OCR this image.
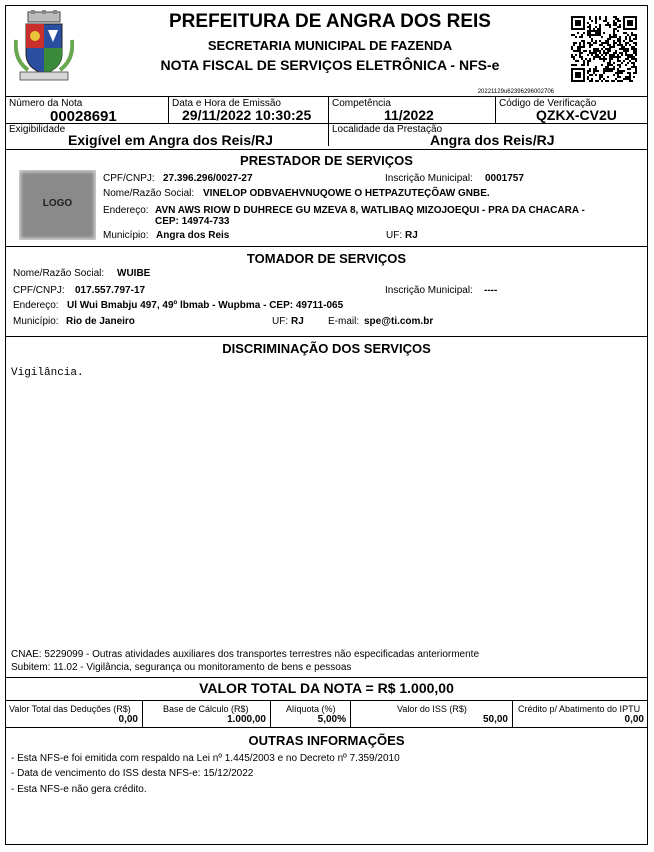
PREFEITURA DE ANGRA DOS REIS
SECRETARIA MUNICIPAL DE FAZENDA
NOTA FISCAL DE SERVIÇOS ELETRÔNICA - NFS-e
20221129u62396296002706
Número da Nota
00028691
Data e Hora de Emissão
29/11/2022 10:30:25
Competência
11/2022
Código de Verificação
QZKX-CV2U
Exigibilidade
Exigível em Angra dos Reis/RJ
Localidade da Prestação
Angra dos Reis/RJ
PRESTADOR DE SERVIÇOS
LOGO
CPF/CNPJ: 27.396.296/0027-27	Inscrição Municipal: 0001757
Nome/Razão Social: VINELOP ODBVAEHVNUQOWE O HETPAZUTEÇÕAW GNBE.
Endereço: AVN AWS RIOW D DUHRECE GU MZEVA 8, WATLIBAQ MIZOJOEQUI - PRA DA CHACARA -
CEP: 14974-733
Município: Angra dos Reis	UF: RJ
TOMADOR DE SERVIÇOS
Nome/Razão Social: WUIBE
CPF/CNPJ: 017.557.797-17	Inscrição Municipal: ----
Endereço: Ul Wui Bmabju 497, 49º lbmab - Wupbma - CEP: 49711-065
Município: Rio de Janeiro	UF: RJ E-mail: spe@ti.com.br
DISCRIMINAÇÃO DOS SERVIÇOS
Vigilância.
CNAE: 5229099 - Outras atividades auxiliares dos transportes terrestres não especificadas anteriormente
Subitem: 11.02 - Vigilância, segurança ou monitoramento de bens e pessoas
VALOR TOTAL DA NOTA = R$ 1.000,00
Valor Total das Deduções (R$)
0,00
Base de Cálculo (R$)
1.000,00
Alíquota (%)
5,00%
Valor do ISS (R$)
50,00
Crédito p/ Abatimento do IPTU
0,00
OUTRAS INFORMAÇÕES
- Esta NFS-e foi emitida com respaldo na Lei nº 1.445/2003 e no Decreto nº 7.359/2010
- Data de vencimento do ISS desta NFS-e: 15/12/2022
- Esta NFS-e não gera crédito.
